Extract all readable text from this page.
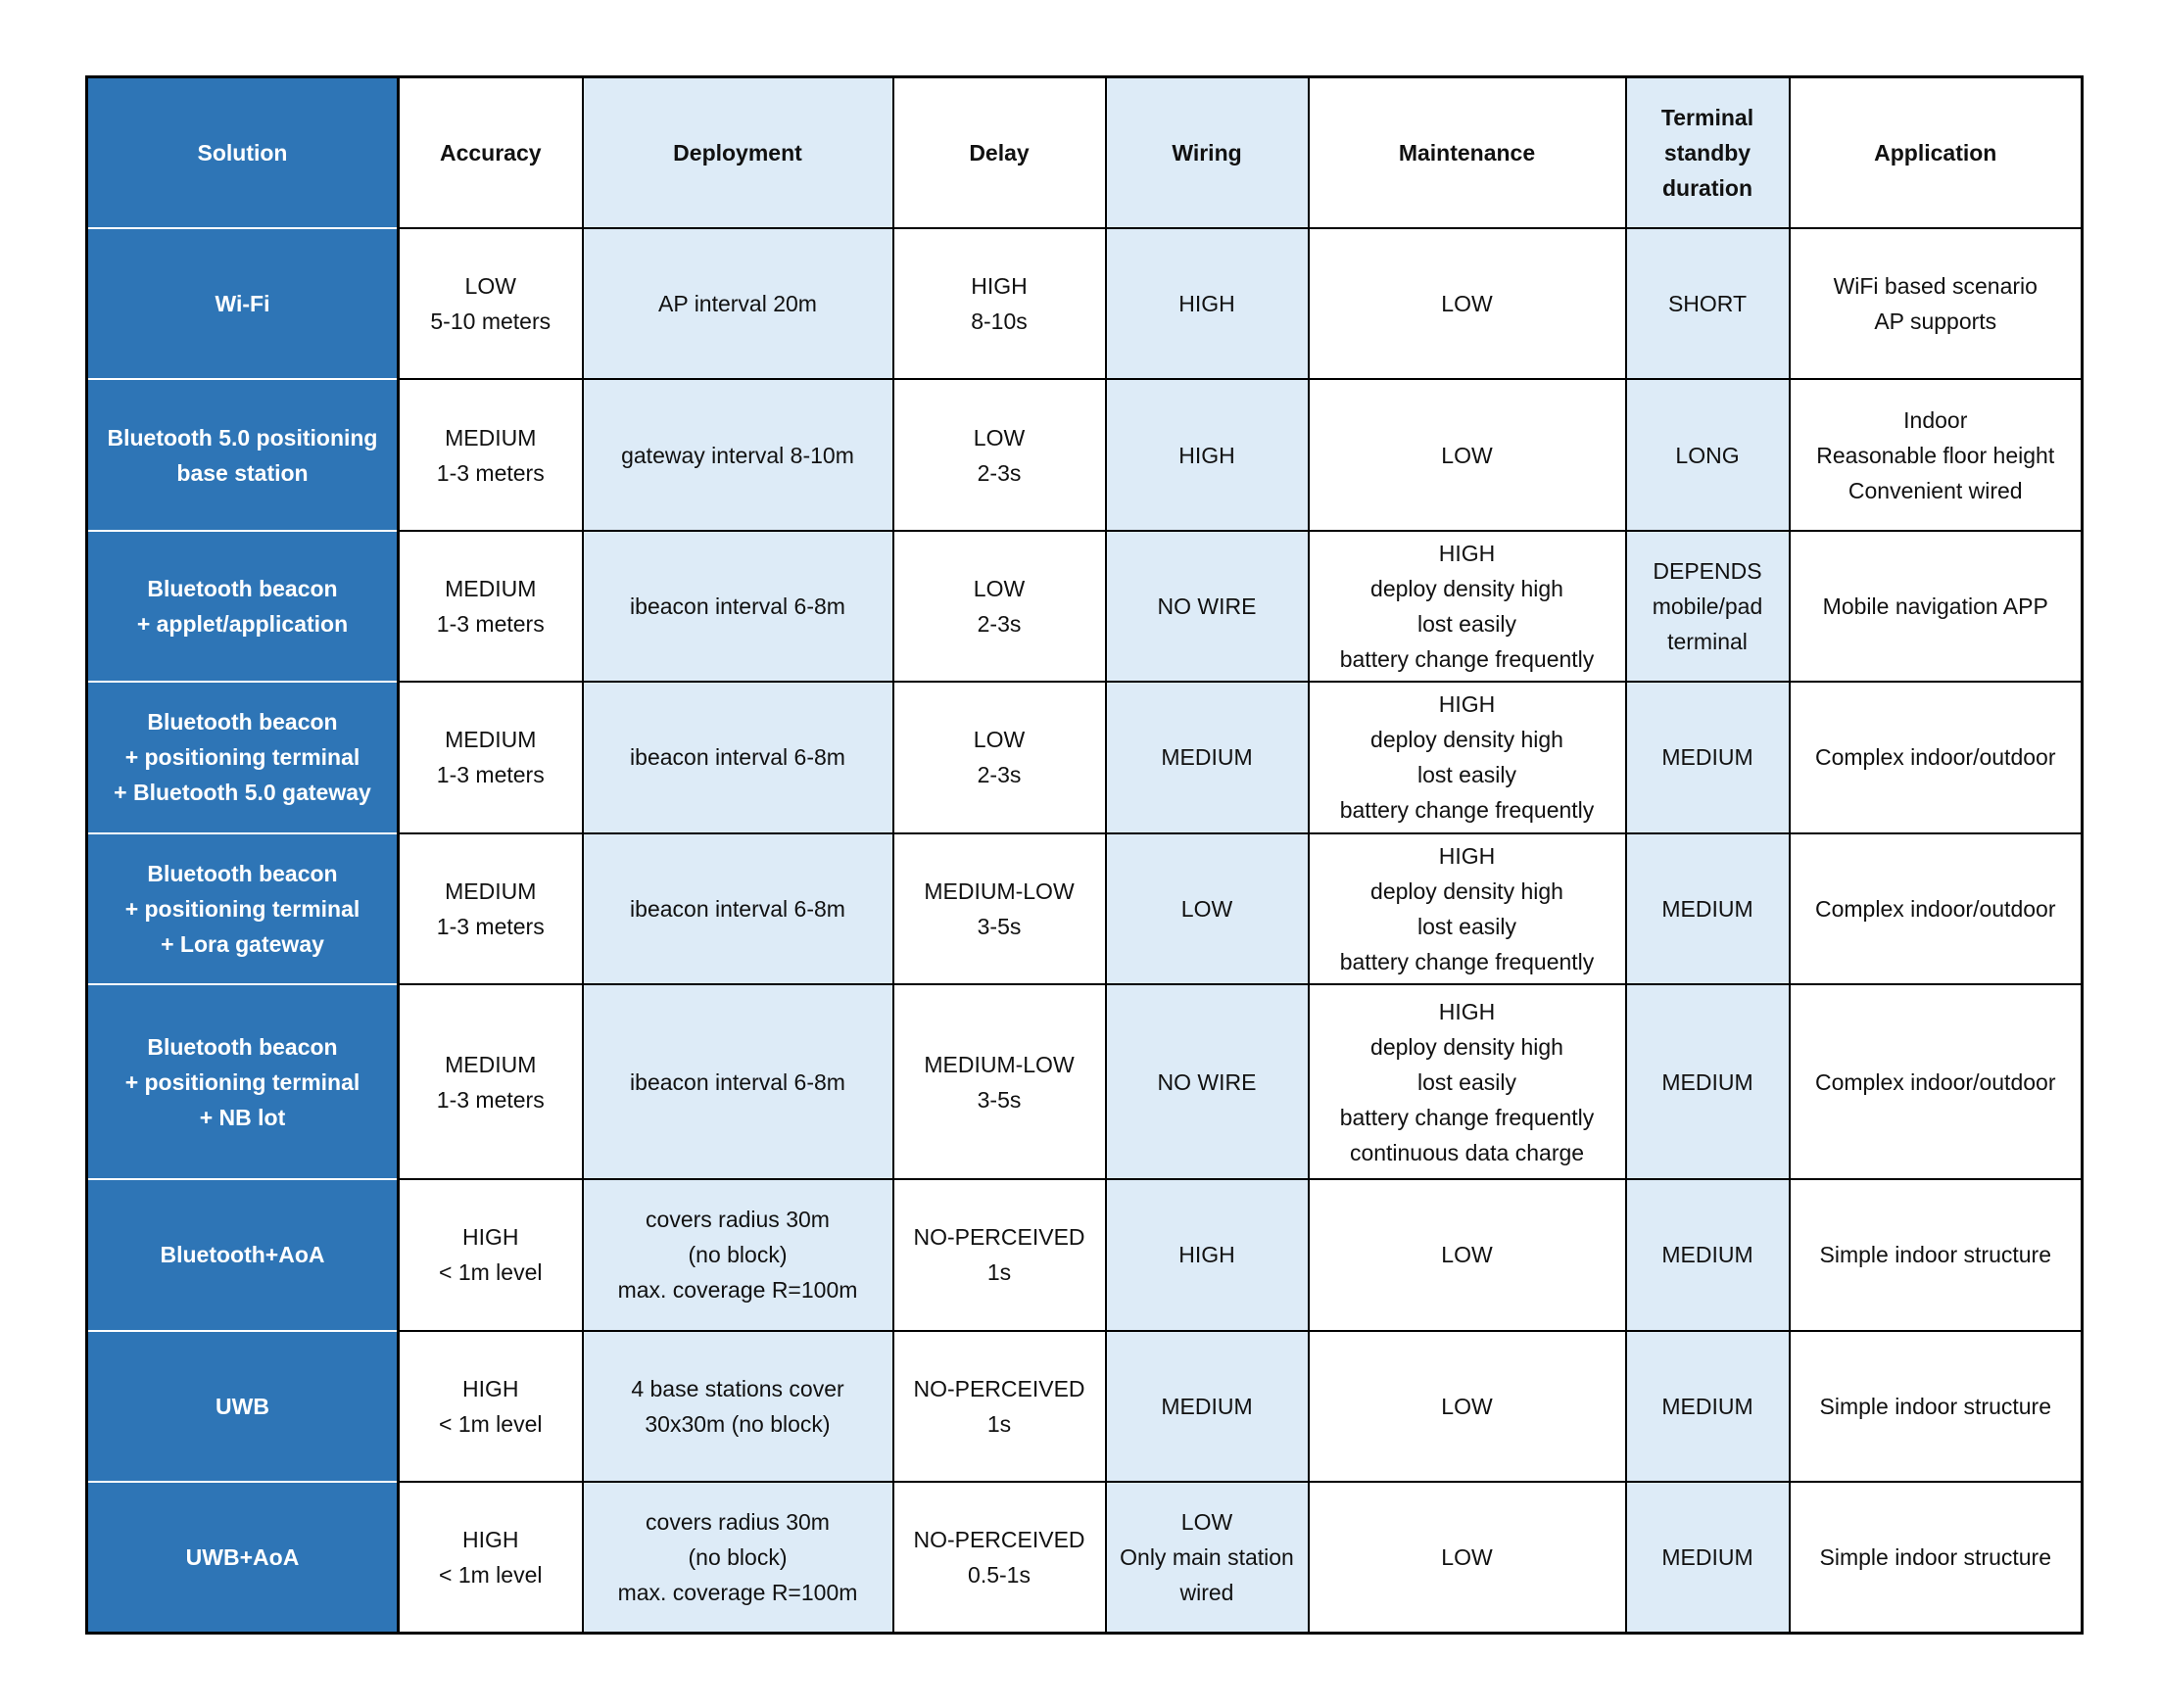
Solution	Accuracy	Deployment	Delay	Wiring	Maintenance	Terminal
standby
duration	Application
Wi-Fi	LOW
5-10 meters	AP interval 20m	HIGH
8-10s	HIGH	LOW	SHORT	WiFi based scenario
AP supports
Bluetooth 5.0 positioning
base station	MEDIUM
1-3 meters	gateway interval 8-10m	LOW
2-3s	HIGH	LOW	LONG	Indoor
Reasonable floor height
Convenient wired
Bluetooth beacon
+ applet/application	MEDIUM
1-3 meters	ibeacon interval 6-8m	LOW
2-3s	NO WIRE	HIGH
deploy density high
lost easily
battery change frequently	DEPENDS
mobile/pad
terminal	Mobile navigation APP
Bluetooth beacon
+ positioning terminal
+ Bluetooth 5.0 gateway	MEDIUM
1-3 meters	ibeacon interval 6-8m	LOW
2-3s	MEDIUM	HIGH
deploy density high
lost easily
battery change frequently	MEDIUM	Complex indoor/outdoor
Bluetooth beacon
+ positioning terminal
+ Lora gateway	MEDIUM
1-3 meters	ibeacon interval 6-8m	MEDIUM-LOW
3-5s	LOW	HIGH
deploy density high
lost easily
battery change frequently	MEDIUM	Complex indoor/outdoor
Bluetooth beacon
+ positioning terminal
+ NB lot	MEDIUM
1-3 meters	ibeacon interval 6-8m	MEDIUM-LOW
3-5s	NO WIRE	HIGH
deploy density high
lost easily
battery change frequently
continuous data charge	MEDIUM	Complex indoor/outdoor
Bluetooth+AoA	HIGH
< 1m level	covers radius 30m
(no block)
max. coverage R=100m	NO-PERCEIVED
1s	HIGH	LOW	MEDIUM	Simple indoor structure
UWB	HIGH
< 1m level	4 base stations cover
30x30m (no block)	NO-PERCEIVED
1s	MEDIUM	LOW	MEDIUM	Simple indoor structure
UWB+AoA	HIGH
< 1m level	covers radius 30m
(no block)
max. coverage R=100m	NO-PERCEIVED
0.5-1s	LOW
Only main station
wired	LOW	MEDIUM	Simple indoor structure
